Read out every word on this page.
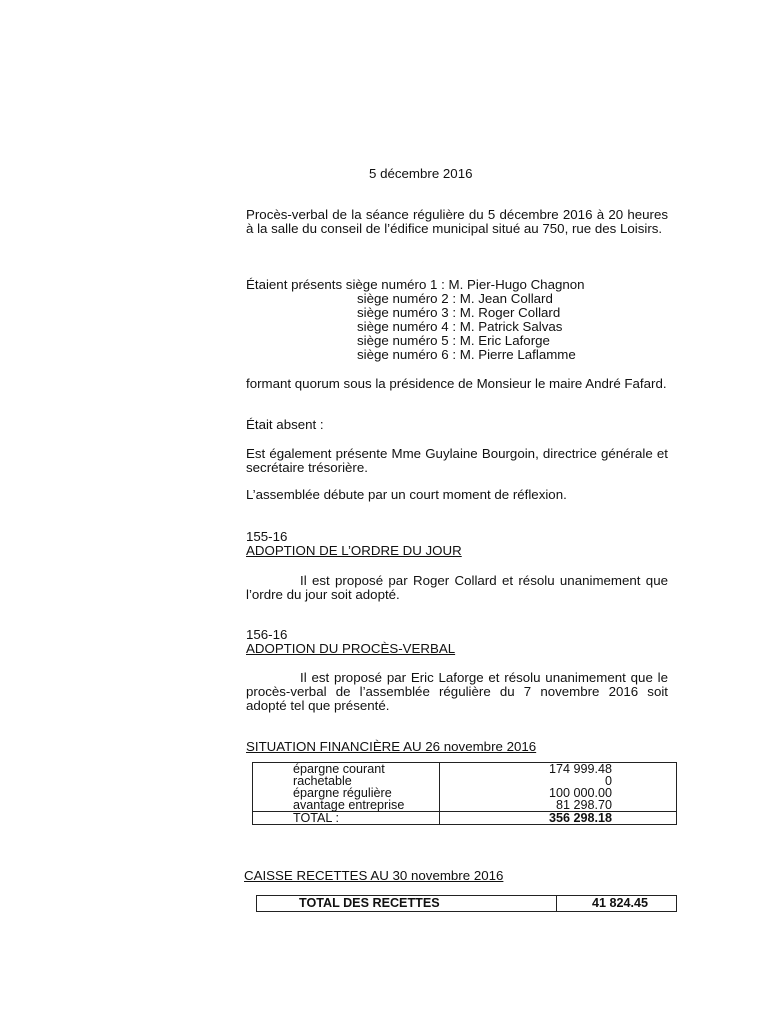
5 décembre 2016
Procès-verbal de la séance régulière du 5 décembre 2016 à 20 heures à la salle du conseil de l’édifice municipal situé au 750, rue des Loisirs.
Étaient présents siège numéro 1 : M. Pier-Hugo Chagnon
siège numéro 2 : M. Jean Collard
siège numéro 3 : M. Roger Collard
siège numéro 4 : M. Patrick Salvas
siège numéro 5 : M. Eric Laforge
siège numéro 6 : M. Pierre Laflamme
formant quorum sous la présidence de Monsieur le maire André Fafard.
Était absent :
Est également présente Mme Guylaine Bourgoin, directrice générale et secrétaire trésorière.
L’assemblée débute par un court moment de réflexion.
155-16
ADOPTION DE L’ORDRE DU JOUR
Il est proposé par Roger Collard et résolu unanimement que l’ordre du jour soit adopté.
156-16
ADOPTION DU PROCÈS-VERBAL
Il est proposé par Eric Laforge et résolu unanimement que le procès-verbal de l’assemblée régulière du 7 novembre 2016 soit adopté tel que présenté.
SITUATION FINANCIÈRE AU 26 novembre 2016
épargne courant	174 999.48
rachetable	0
épargne régulière	100 000.00
avantage entreprise	81 298.70
TOTAL :	356 298.18
CAISSE RECETTES AU 30 novembre 2016
TOTAL DES RECETTES	41 824.45
